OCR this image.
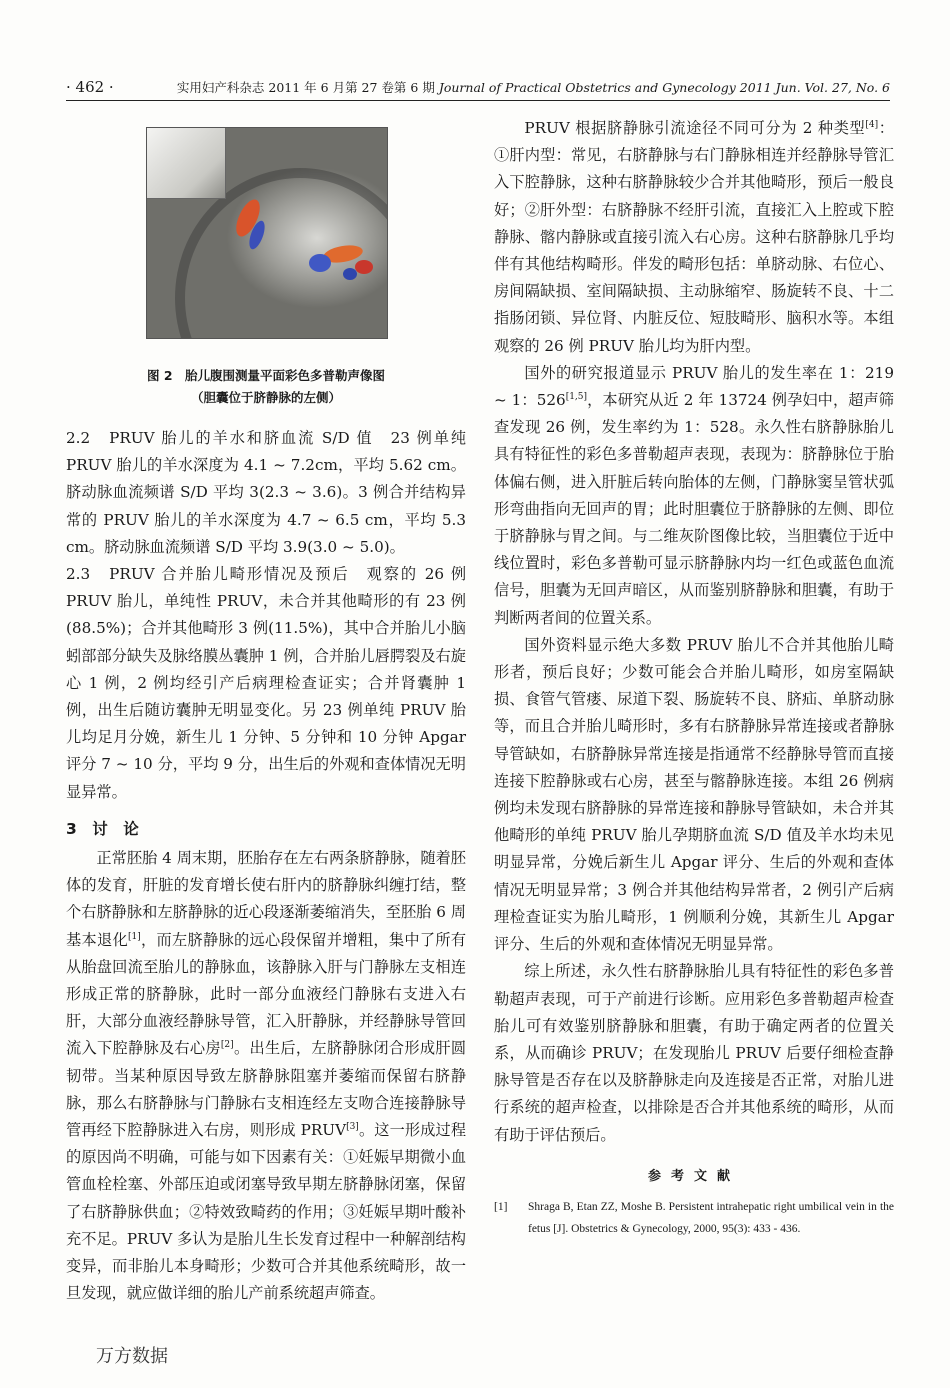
· 462 ·	实用妇产科杂志 2011 年 6 月第 27 卷第 6 期 Journal of Practical Obstetrics and Gynecology 2011 Jun. Vol. 27, No. 6
图 2　胎儿腹围测量平面彩色多普勒声像图
（胆囊位于脐静脉的左侧）

2.2　PRUV 胎儿的羊水和脐血流 S/D 值　 23 例单纯 PRUV 胎儿的羊水深度为 4.1 ~ 7.2cm，平均 5.62 cm。脐动脉血流频谱 S/D 平均 3(2.3 ~ 3.6)。3 例合并结构异常的 PRUV 胎儿的羊水深度为 4.7 ~ 6.5 cm，平均 5.3 cm。脐动脉血流频谱 S/D 平均 3.9(3.0 ~ 5.0)。

2.3　PRUV 合并胎儿畸形情况及预后　 观察的 26 例 PRUV 胎儿，单纯性 PRUV，未合并其他畸形的有 23 例(88.5%)；合并其他畸形 3 例(11.5%)，其中合并胎儿小脑蚓部部分缺失及脉络膜丛囊肿 1 例，合并胎儿唇腭裂及右旋心 1 例，2 例均经引产后病理检查证实；合并肾囊肿 1 例，出生后随访囊肿无明显变化。另 23 例单纯 PRUV 胎儿均足月分娩，新生儿 1 分钟、5 分钟和 10 分钟 Apgar 评分 7 ~ 10 分，平均 9 分，出生后的外观和查体情况无明显异常。

3　讨　论

正常胚胎 4 周末期，胚胎存在左右两条脐静脉，随着胚体的发育，肝脏的发育增长使右肝内的脐静脉纠缠打结，整个右脐静脉和左脐静脉的近心段逐渐萎缩消失，至胚胎 6 周基本退化[1]，而左脐静脉的远心段保留并增粗，集中了所有从胎盘回流至胎儿的静脉血，该静脉入肝与门静脉左支相连形成正常的脐静脉，此时一部分血液经门静脉右支进入右肝，大部分血液经静脉导管，汇入肝静脉，并经静脉导管回流入下腔静脉及右心房[2]。出生后，左脐静脉闭合形成肝圆韧带。当某种原因导致左脐静脉阻塞并萎缩而保留右脐静脉，那么右脐静脉与门静脉右支相连经左支吻合连接静脉导管再经下腔静脉进入右房，则形成 PRUV[3]。这一形成过程的原因尚不明确，可能与如下因素有关：①妊娠早期微小血管血栓栓塞、外部压迫或闭塞导致早期左脐静脉闭塞，保留了右脐静脉供血；②特效致畸药的作用；③妊娠早期叶酸补充不足。PRUV 多认为是胎儿生长发育过程中一种解剖结构变异，而非胎儿本身畸形；少数可合并其他系统畸形，故一旦发现，就应做详细的胎儿产前系统超声筛查。

PRUV 根据脐静脉引流途径不同可分为 2 种类型[4]：①肝内型：常见，右脐静脉与右门静脉相连并经静脉导管汇入下腔静脉，这种右脐静脉较少合并其他畸形，预后一般良好；②肝外型：右脐静脉不经肝引流，直接汇入上腔或下腔静脉、髂内静脉或直接引流入右心房。这种右脐静脉几乎均伴有其他结构畸形。伴发的畸形包括：单脐动脉、右位心、房间隔缺损、室间隔缺损、主动脉缩窄、肠旋转不良、十二指肠闭锁、异位肾、内脏反位、短肢畸形、脑积水等。本组观察的 26 例 PRUV 胎儿均为肝内型。

国外的研究报道显示 PRUV 胎儿的发生率在 1：219 ~ 1：526[1,5]，本研究从近 2 年 13724 例孕妇中，超声筛查发现 26 例，发生率约为 1：528。永久性右脐静脉胎儿具有特征性的彩色多普勒超声表现，表现为：脐静脉位于胎体偏右侧，进入肝脏后转向胎体的左侧，门静脉窦呈管状弧形弯曲指向无回声的胃；此时胆囊位于脐静脉的左侧、即位于脐静脉与胃之间。与二维灰阶图像比较，当胆囊位于近中线位置时，彩色多普勒可显示脐静脉内均一红色或蓝色血流信号，胆囊为无回声暗区，从而鉴别脐静脉和胆囊，有助于判断两者间的位置关系。

国外资料显示绝大多数 PRUV 胎儿不合并其他胎儿畸形者，预后良好；少数可能会合并胎儿畸形，如房室隔缺损、食管气管瘘、尿道下裂、肠旋转不良、脐疝、单脐动脉等，而且合并胎儿畸形时，多有右脐静脉异常连接或者静脉导管缺如，右脐静脉异常连接是指通常不经静脉导管而直接连接下腔静脉或右心房，甚至与髂静脉连接。本组 26 例病例均未发现右脐静脉的异常连接和静脉导管缺如，未合并其他畸形的单纯 PRUV 胎儿孕期脐血流 S/D 值及羊水均未见明显异常，分娩后新生儿 Apgar 评分、生后的外观和查体情况无明显异常；3 例合并其他结构异常者，2 例引产后病理检查证实为胎儿畸形，1 例顺利分娩，其新生儿 Apgar 评分、生后的外观和查体情况无明显异常。

综上所述，永久性右脐静脉胎儿具有特征性的彩色多普勒超声表现，可于产前进行诊断。应用彩色多普勒超声检查胎儿可有效鉴别脐静脉和胆囊，有助于确定两者的位置关系，从而确诊 PRUV；在发现胎儿 PRUV 后要仔细检查静脉导管是否存在以及脐静脉走向及连接是否正常，对胎儿进行系统的超声检查，以排除是否合并其他系统的畸形，从而有助于评估预后。

参考文献
[1]	Shraga B, Etan ZZ, Moshe B. Persistent intrahepatic right umbilical vein in the fetus [J]. Obstetrics & Gynecology, 2000, 95(3): 433 - 436.
万方数据
